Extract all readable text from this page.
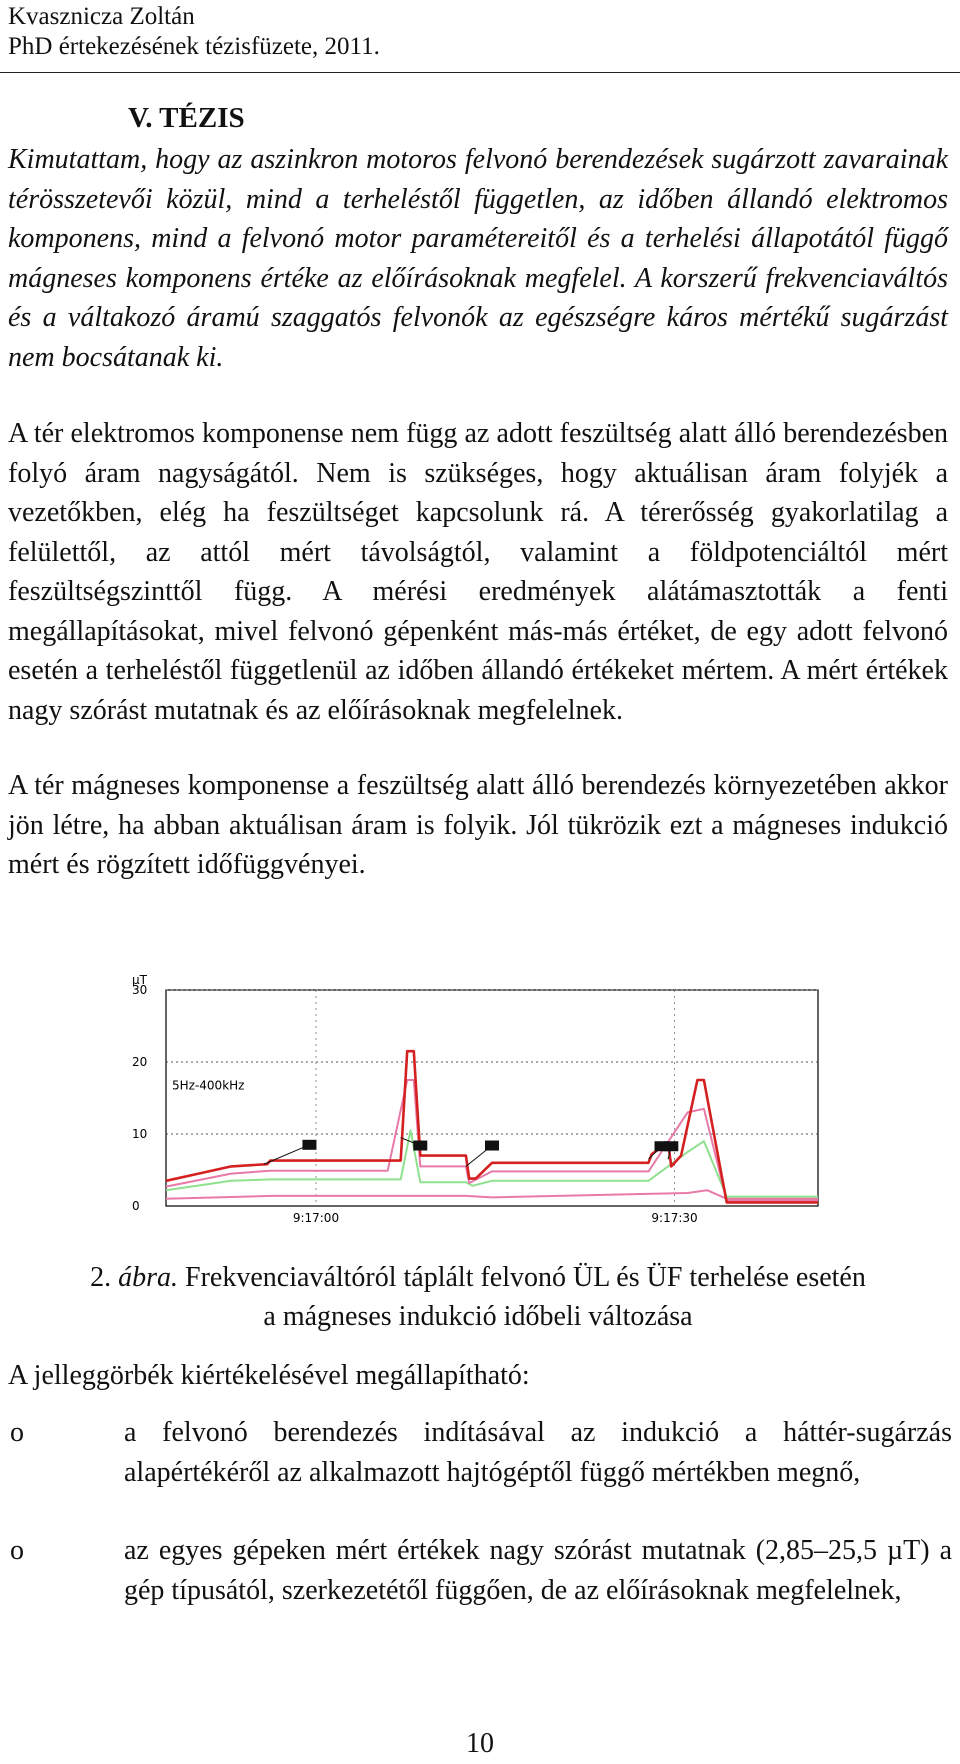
Kvasznicza Zoltán
PhD értekezésének tézisfüzete, 2011.
V. TÉZIS

Kimutattam, hogy az aszinkron motoros felvonó berendezések sugárzott zavarainak térösszetevői közül, mind a terheléstől független, az időben állandó elektromos komponens, mind a felvonó motor paramétereitől és a terhelési állapotától függő mágneses komponens értéke az előírásoknak megfelel. A korszerű frekvenciaváltós és a váltakozó áramú szaggatós felvonók az egészségre káros mértékű sugárzást nem bocsátanak ki.

A tér elektromos komponense nem függ az adott feszültség alatt álló berendezésben folyó áram nagyságától. Nem is szükséges, hogy aktuálisan áram folyjék a vezetőkben, elég ha feszültséget kapcsolunk rá. A térerősség gyakorlatilag a felülettől, az attól mért távolságtól, valamint a földpotenciáltól mért feszültségszinttől függ. A mérési eredmények alátámasztották a fenti megállapításokat, mivel felvonó gépenként más-más értéket, de egy adott felvonó esetén a terheléstől függetlenül az időben állandó értékeket mértem. A mért értékek nagy szórást mutatnak és az előírásoknak megfelelnek.

A tér mágneses komponense a feszültség alatt álló berendezés környezetében akkor jön létre, ha abban aktuálisan áram is folyik. Jól tükrözik ezt a mágneses indukció mért és rögzített időfüggvényei.

µT
30
20
10
0
9:17:00	9:17:30
5Hz-400kHz
2. ábra. Frekvenciaváltóról táplált felvonó ÜL és ÜF terhelése esetén
a mágneses indukció időbeli változása

A jelleggörbék kiértékelésével megállapítható:

o	a felvonó berendezés indításával az indukció a háttér-sugárzás alapértékéről az alkalmazott hajtógéptől függő mértékben megnő,

o	az egyes gépeken mért értékek nagy szórást mutatnak (2,85–25,5 µT) a gép típusától, szerkezetétől függően, de az előírásoknak megfelelnek,

10
